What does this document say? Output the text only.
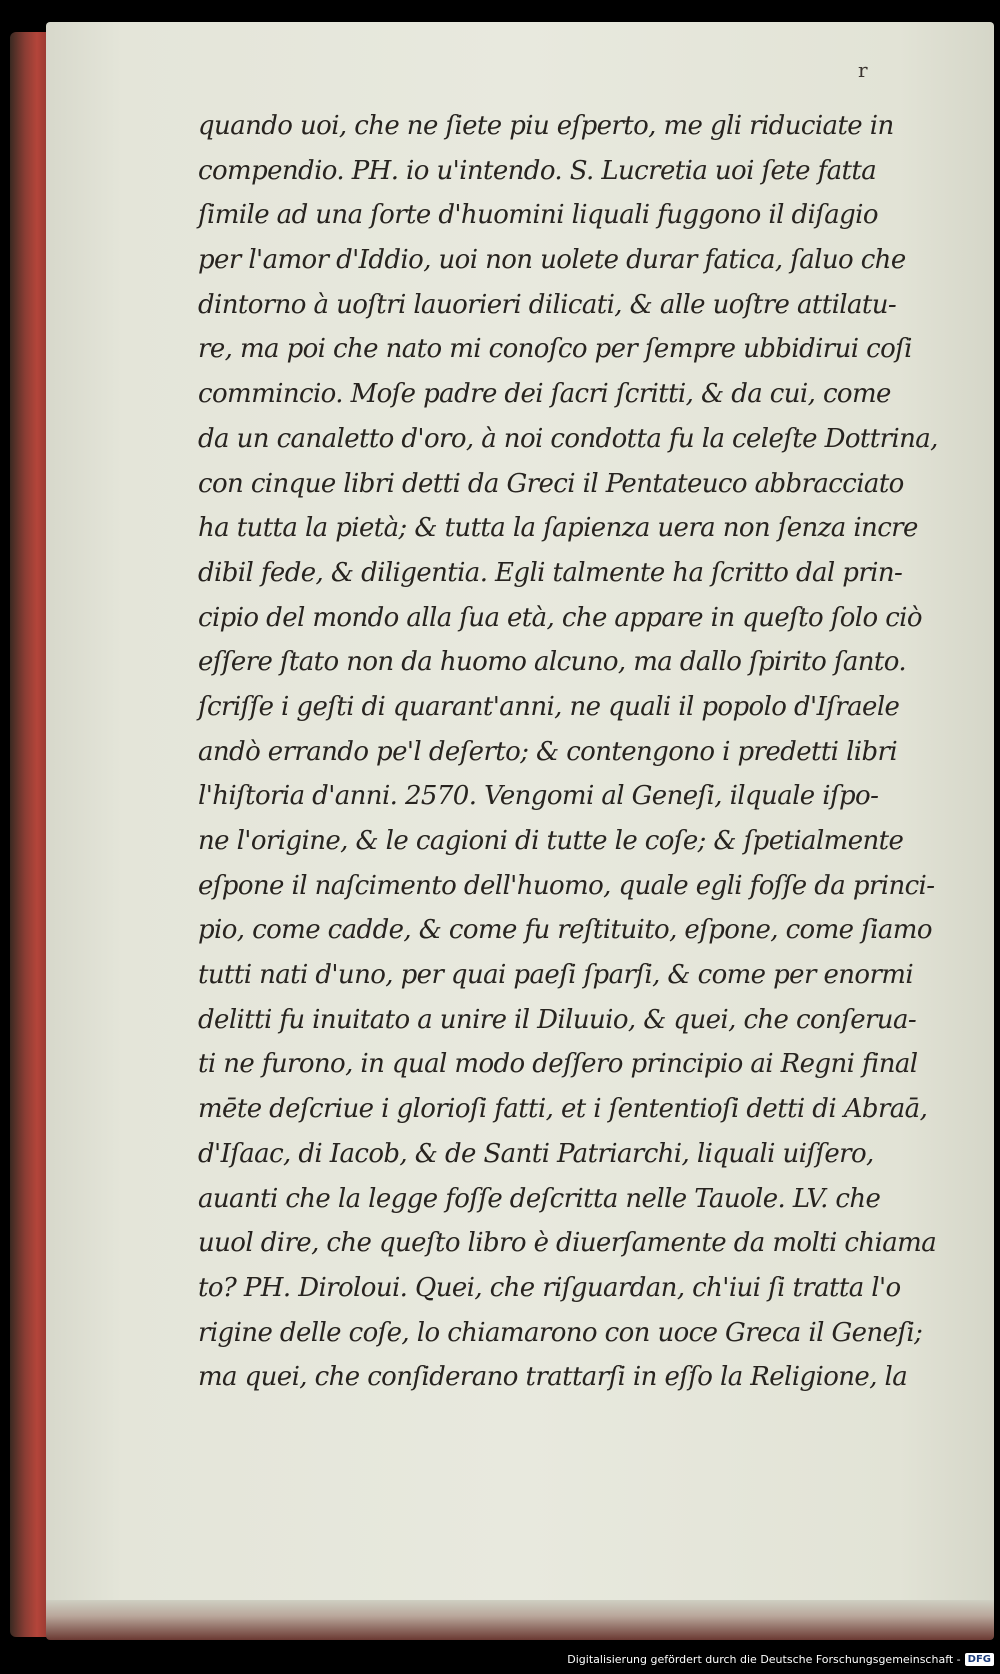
r
quando uoi, che ne ſiete piu eſperto, me gli riduciate in
compendio. PH. io u'intendo. S. Lucretia uoi ſete fatta
ſimile ad una ſorte d'huomini liquali fuggono il diſagio
per l'amor d'Iddio, uoi non uolete durar fatica, ſaluo che
dintorno à uoſtri lauorieri dilicati, & alle uoſtre attilatu-
re, ma poi che nato mi conoſco per ſempre ubbidirui coſi
commincio. Moſe padre dei ſacri ſcritti, & da cui, come
da un canaletto d'oro, à noi condotta fu la celeſte Dottrina,
con cinque libri detti da Greci il Pentateuco abbracciato
ha tutta la pietà; & tutta la ſapienza uera non ſenza incre
dibil fede, & diligentia. Egli talmente ha ſcritto dal prin-
cipio del mondo alla ſua età, che appare in queſto ſolo ciò
eſſere ſtato non da huomo alcuno, ma dallo ſpirito ſanto.
ſcriſſe i geſti di quarant'anni, ne quali il popolo d'Iſraele
andò errando pe'l deſerto; & contengono i predetti libri
l'hiſtoria d'anni. 2570. Vengomi al Geneſi, ilquale iſpo-
ne l'origine, & le cagioni di tutte le coſe; & ſpetialmente
eſpone il naſcimento dell'huomo, quale egli foſſe da princi-
pio, come cadde, & come fu reſtituito, eſpone, come ſiamo
tutti nati d'uno, per quai paeſi ſparſi, & come per enormi
delitti fu inuitato a unire il Diluuio, & quei, che conſerua-
ti ne furono, in qual modo deſſero principio ai Regni final
mēte deſcriue i glorioſi fatti, et i ſententioſi detti di Abraā,
d'Iſaac, di Iacob, & de Santi Patriarchi, liquali uiſſero,
auanti che la legge foſſe deſcritta nelle Tauole. LV. che
uuol dire, che queſto libro è diuerſamente da molti chiama
to? PH. Diroloui. Quei, che riſguardan, ch'iui ſi tratta l'o
rigine delle coſe, lo chiamarono con uoce Greca il Geneſi;
ma quei, che conſiderano trattarſi in eſſo la Religione, la
Digitalisierung gefördert durch die Deutsche Forschungsgemeinschaft - DFG
